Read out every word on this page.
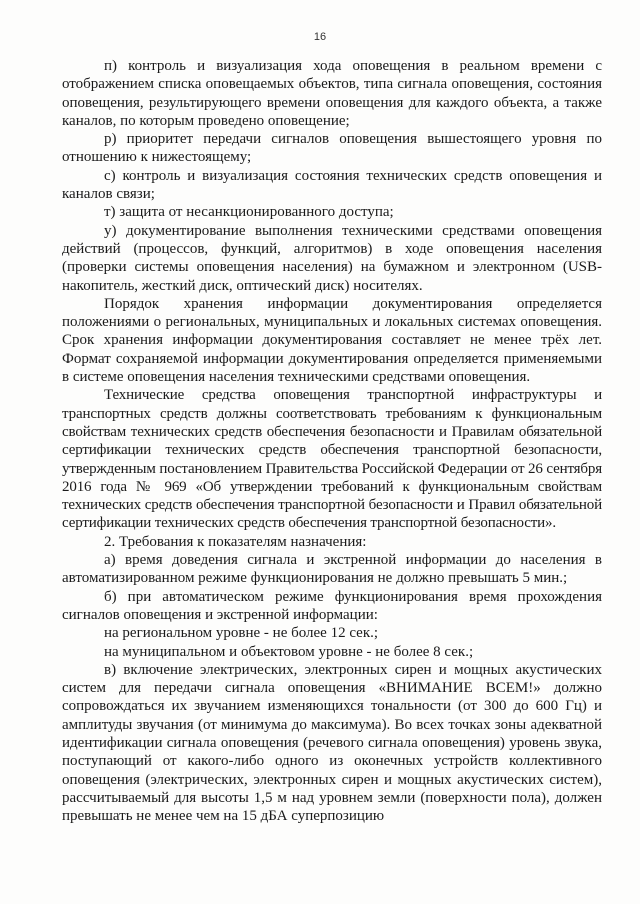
16

п) контроль и визуализация хода оповещения в реальном времени с отображением списка оповещаемых объектов, типа сигнала оповещения, состояния оповещения, результирующего времени оповещения для каждого объекта, а также каналов, по которым проведено оповещение;

р) приоритет передачи сигналов оповещения вышестоящего уровня по отношению к нижестоящему;

с) контроль и визуализация состояния технических средств оповещения и каналов связи;

т) защита от несанкционированного доступа;

у) документирование выполнения техническими средствами оповещения действий (процессов, функций, алгоритмов) в ходе оповещения населения (проверки системы оповещения населения) на бумажном и электронном (USB-накопитель, жесткий диск, оптический диск) носителях.

Порядок хранения информации документирования определяется положениями о региональных, муниципальных и локальных системах оповещения. Срок хранения информации документирования составляет не менее трёх лет. Формат сохраняемой информации документирования определяется применяемыми в системе оповещения населения техническими средствами оповещения.

Технические средства оповещения транспортной инфраструктуры и транспортных средств должны соответствовать требованиям к функциональным свойствам технических средств обеспечения безопасности и Правилам обязательной сертификации технических средств обеспечения транспортной безопасности, утвержденным постановлением Правительства Российской Федерации от 26 сентября 2016 года № 969 «Об утверждении требований к функциональным свойствам технических средств обеспечения транспортной безопасности и Правил обязательной сертификации технических средств обеспечения транспортной безопасности».

2. Требования к показателям назначения:

а) время доведения сигнала и экстренной информации до населения в автоматизированном режиме функционирования не должно превышать 5 мин.;

б) при автоматическом режиме функционирования время прохождения сигналов оповещения и экстренной информации:

на региональном уровне - не более 12 сек.;

на муниципальном и объектовом уровне - не более 8 сек.;

в) включение электрических, электронных сирен и мощных акустических систем для передачи сигнала оповещения «ВНИМАНИЕ ВСЕМ!» должно сопровождаться их звучанием изменяющихся тональности (от 300 до 600 Гц) и амплитуды звучания (от минимума до максимума). Во всех точках зоны адекватной идентификации сигнала оповещения (речевого сигнала оповещения) уровень звука, поступающий от какого-либо одного из оконечных устройств коллективного оповещения (электрических, электронных сирен и мощных акустических систем), рассчитываемый для высоты 1,5 м над уровнем земли (поверхности пола), должен превышать не менее чем на 15 дБА суперпозицию
